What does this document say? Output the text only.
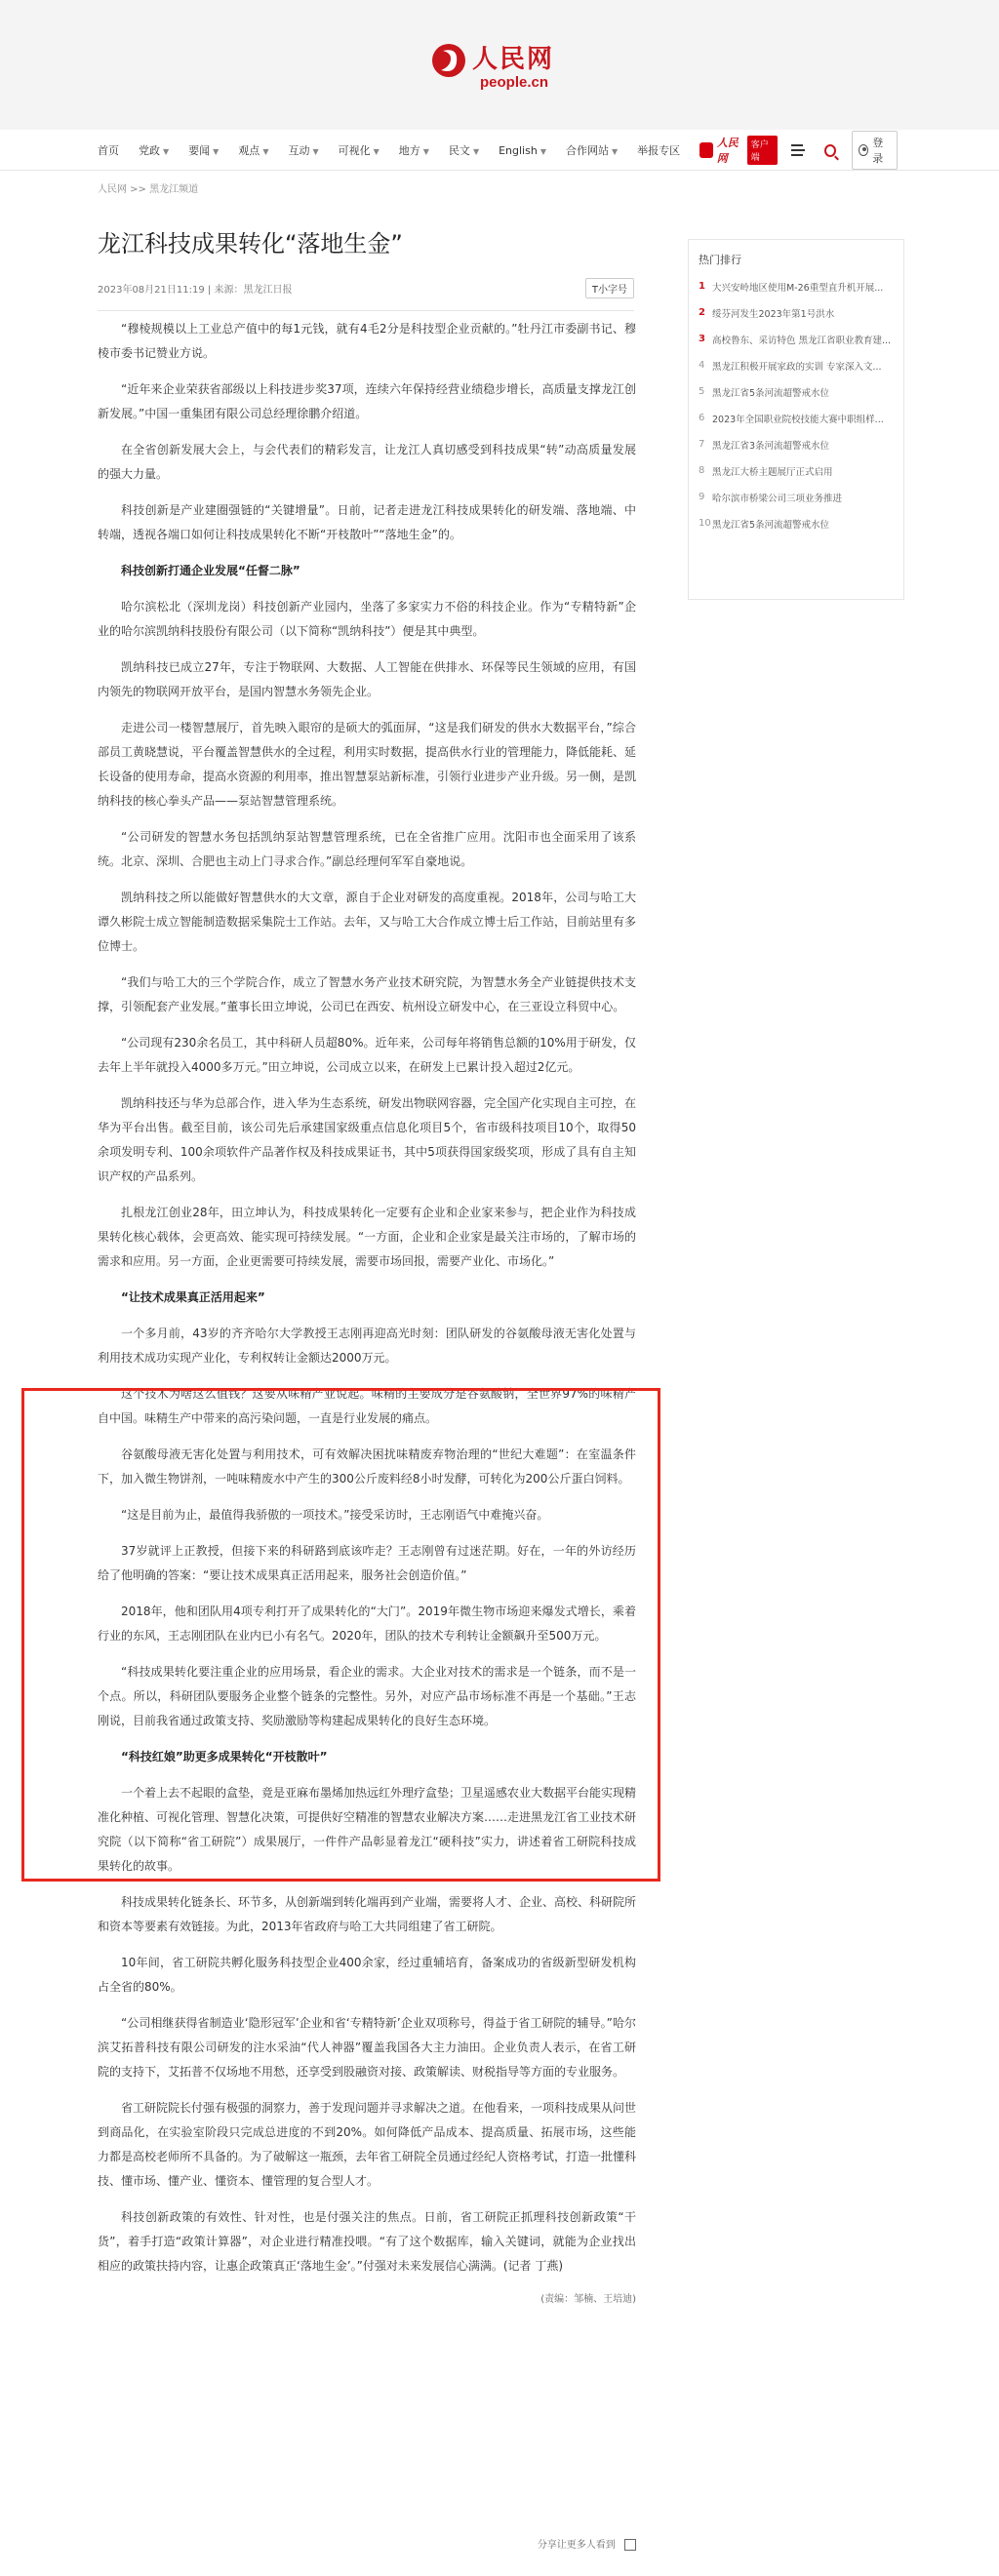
人民网
people.cn
首页 党政 ▼ 要闻 ▼ 观点 ▼ 互动 ▼ 可视化 ▼ 地方 ▼ 民文 ▼ English ▼ 合作网站 ▼ 举报专区
人民网
客户端
登录
人民网 >> 黑龙江频道
龙江科技成果转化“落地生金”
2023年08月21日11:19 | 来源：黑龙江日报	T小字号
“穆棱规模以上工业总产值中的每1元钱，就有4毛2分是科技型企业贡献的。”牡丹江市委副书记、穆棱市委书记赞业方说。
“近年来企业荣获省部级以上科技进步奖37项，连续六年保持经营业绩稳步增长，高质量支撑龙江创新发展。”中国一重集团有限公司总经理徐鹏介绍道。
在全省创新发展大会上，与会代表们的精彩发言，让龙江人真切感受到科技成果“转”动高质量发展的强大力量。
科技创新是产业建圈强链的“关键增量”。日前，记者走进龙江科技成果转化的研发端、落地端、中转端，透视各端口如何让科技成果转化不断“开枝散叶”“落地生金”的。
科技创新打通企业发展“任督二脉”
哈尔滨松北（深圳龙岗）科技创新产业园内，坐落了多家实力不俗的科技企业。作为“专精特新”企业的哈尔滨凯纳科技股份有限公司（以下简称“凯纳科技”）便是其中典型。
凯纳科技已成立27年，专注于物联网、大数据、人工智能在供排水、环保等民生领域的应用，有国内领先的物联网开放平台，是国内智慧水务领先企业。
走进公司一楼智慧展厅，首先映入眼帘的是硕大的弧面屏，“这是我们研发的供水大数据平台，”综合部员工黄晓慧说，平台覆盖智慧供水的全过程，利用实时数据，提高供水行业的管理能力，降低能耗、延长设备的使用寿命，提高水资源的利用率，推出智慧泵站新标准，引领行业进步产业升级。另一侧，是凯纳科技的核心拳头产品——泵站智慧管理系统。
“公司研发的智慧水务包括凯纳泵站智慧管理系统，已在全省推广应用。沈阳市也全面采用了该系统。北京、深圳、合肥也主动上门寻求合作。”副总经理何军军自豪地说。
凯纳科技之所以能做好智慧供水的大文章，源自于企业对研发的高度重视。2018年，公司与哈工大谭久彬院士成立智能制造数据采集院士工作站。去年，又与哈工大合作成立博士后工作站，目前站里有多位博士。
“我们与哈工大的三个学院合作，成立了智慧水务产业技术研究院，为智慧水务全产业链提供技术支撑，引领配套产业发展。”董事长田立坤说，公司已在西安、杭州设立研发中心，在三亚设立科贸中心。
“公司现有230余名员工，其中科研人员超80%。近年来，公司每年将销售总额的10%用于研发，仅去年上半年就投入4000多万元。”田立坤说，公司成立以来，在研发上已累计投入超过2亿元。
凯纳科技还与华为总部合作，进入华为生态系统，研发出物联网容器，完全国产化实现自主可控，在华为平台出售。截至目前，该公司先后承建国家级重点信息化项目5个，省市级科技项目10个，取得50余项发明专利、100余项软件产品著作权及科技成果证书，其中5项获得国家级奖项，形成了具有自主知识产权的产品系列。
扎根龙江创业28年，田立坤认为，科技成果转化一定要有企业和企业家来参与，把企业作为科技成果转化核心载体，会更高效、能实现可持续发展。“一方面，企业和企业家是最关注市场的，了解市场的需求和应用。另一方面，企业更需要可持续发展，需要市场回报，需要产业化、市场化。”
“让技术成果真正活用起来”
一个多月前，43岁的齐齐哈尔大学教授王志刚再迎高光时刻：团队研发的谷氨酸母液无害化处置与利用技术成功实现产业化，专利权转让金额达2000万元。
这个技术为啥这么值钱？这要从味精产业说起。味精的主要成分是谷氨酸钠，全世界97%的味精产自中国。味精生产中带来的高污染问题，一直是行业发展的痛点。
谷氨酸母液无害化处置与利用技术，可有效解决困扰味精废弃物治理的“世纪大难题”：在室温条件下，加入微生物饼剂，一吨味精废水中产生的300公斤废料经8小时发酵，可转化为200公斤蛋白饲料。
“这是目前为止，最值得我骄傲的一项技术。”接受采访时，王志刚语气中难掩兴奋。
37岁就评上正教授，但接下来的科研路到底该咋走？王志刚曾有过迷茫期。好在，一年的外访经历给了他明确的答案：“要让技术成果真正活用起来，服务社会创造价值。”
2018年，他和团队用4项专利打开了成果转化的“大门”。2019年微生物市场迎来爆发式增长，乘着行业的东风，王志刚团队在业内已小有名气。2020年，团队的技术专利转让金额飙升至500万元。
“科技成果转化要注重企业的应用场景，看企业的需求。大企业对技术的需求是一个链条，而不是一个点。所以，科研团队要服务企业整个链条的完整性。另外，对应产品市场标准不再是一个基础。”王志刚说，目前我省通过政策支持、奖励激励等构建起成果转化的良好生态环境。
“科技红娘”助更多成果转化“开枝散叶”
一个着上去不起眼的盒垫，竟是亚麻布墨烯加热远红外理疗盒垫；卫星遥感农业大数据平台能实现精准化种植、可视化管理、智慧化决策，可提供好空精准的智慧农业解决方案……走进黑龙江省工业技术研究院（以下简称“省工研院”）成果展厅，一件件产品彰显着龙江“硬科技”实力，讲述着省工研院科技成果转化的故事。
科技成果转化链条长、环节多，从创新端到转化端再到产业端，需要将人才、企业、高校、科研院所和资本等要素有效链接。为此，2013年省政府与哈工大共同组建了省工研院。
10年间，省工研院共孵化服务科技型企业400余家，经过重辅培育，备案成功的省级新型研发机构占全省的80%。
“公司相继获得省制造业‘隐形冠军’企业和省‘专精特新’企业双项称号，得益于省工研院的辅导。”哈尔滨艾拓普科技有限公司研发的注水采油“代人神器”覆盖我国各大主力油田。企业负责人表示，在省工研院的支持下，艾拓普不仅场地不用愁，还享受到股融资对接、政策解读、财税指导等方面的专业服务。
省工研院院长付强有极强的洞察力，善于发现问题并寻求解决之道。在他看来，一项科技成果从问世到商品化，在实验室阶段只完成总进度的不到20%。如何降低产品成本、提高质量、拓展市场，这些能力都是高校老师所不具备的。为了破解这一瓶颈，去年省工研院全员通过经纪人资格考试，打造一批懂科技、懂市场、懂产业、懂资本、懂管理的复合型人才。
科技创新政策的有效性、针对性，也是付强关注的焦点。日前，省工研院正抓理科技创新政策“干货”，着手打造“政策计算器”，对企业进行精准投喂。“有了这个数据库，输入关键词，就能为企业找出相应的政策扶持内容，让惠企政策真正‘落地生金’。”付强对未来发展信心满满。(记者 丁燕)
(责编：邹楠、王培迪)
分享让更多人看到
热门排行
1 大兴安岭地区使用M-26重型直升机开展...
2 绥芬河发生2023年第1号洪水
3 高校鲁东、采访特色 黑龙江省职业教育建...
4 黑龙江积极开展家政的实训 专家深入文...
5 黑龙江省5条河流超警戒水位
6 2023年全国职业院校技能大赛中职组样...
7 黑龙江省3条河流超警戒水位
8 黑龙江大桥主题展厅正式启用
9 哈尔滨市桥梁公司三项业务推进
10 黑龙江省5条河流超警戒水位
